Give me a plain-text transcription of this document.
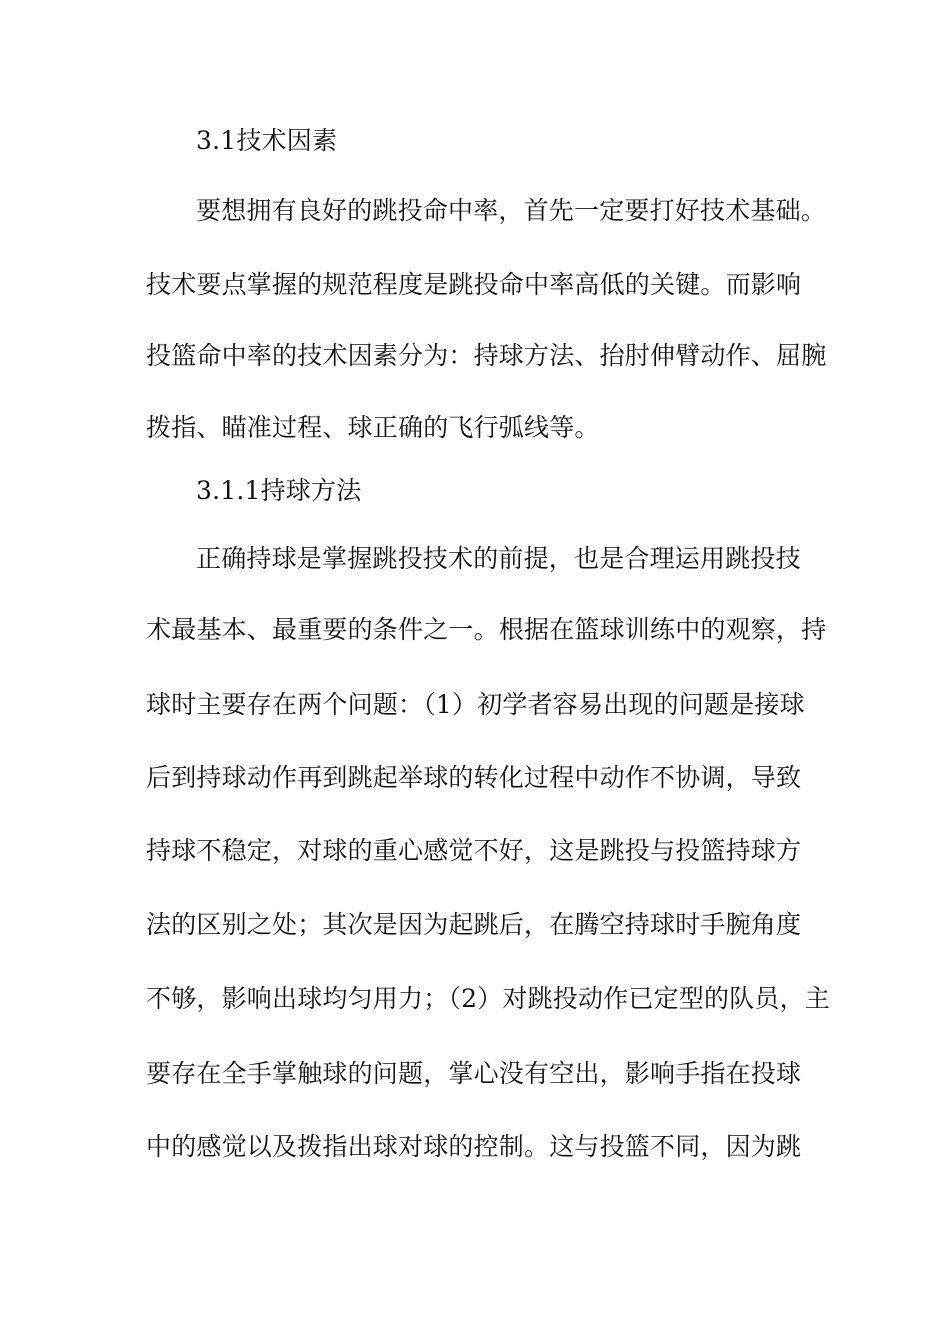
3.1技术因素
要想拥有良好的跳投命中率，首先一定要打好技术基础。
技术要点掌握的规范程度是跳投命中率高低的关键。而影响
投篮命中率的技术因素分为：持球方法、抬肘伸臂动作、屈腕
拨指、瞄准过程、球正确的飞行弧线等。
3.1.1持球方法
正确持球是掌握跳投技术的前提，也是合理运用跳投技
术最基本、最重要的条件之一。根据在篮球训练中的观察，持
球时主要存在两个问题：（1）初学者容易出现的问题是接球
后到持球动作再到跳起举球的转化过程中动作不协调，导致
持球不稳定，对球的重心感觉不好，这是跳投与投篮持球方
法的区别之处；其次是因为起跳后，在腾空持球时手腕角度
不够，影响出球均匀用力；（2）对跳投动作已定型的队员，主
要存在全手掌触球的问题，掌心没有空出，影响手指在投球
中的感觉以及拨指出球对球的控制。这与投篮不同，因为跳
